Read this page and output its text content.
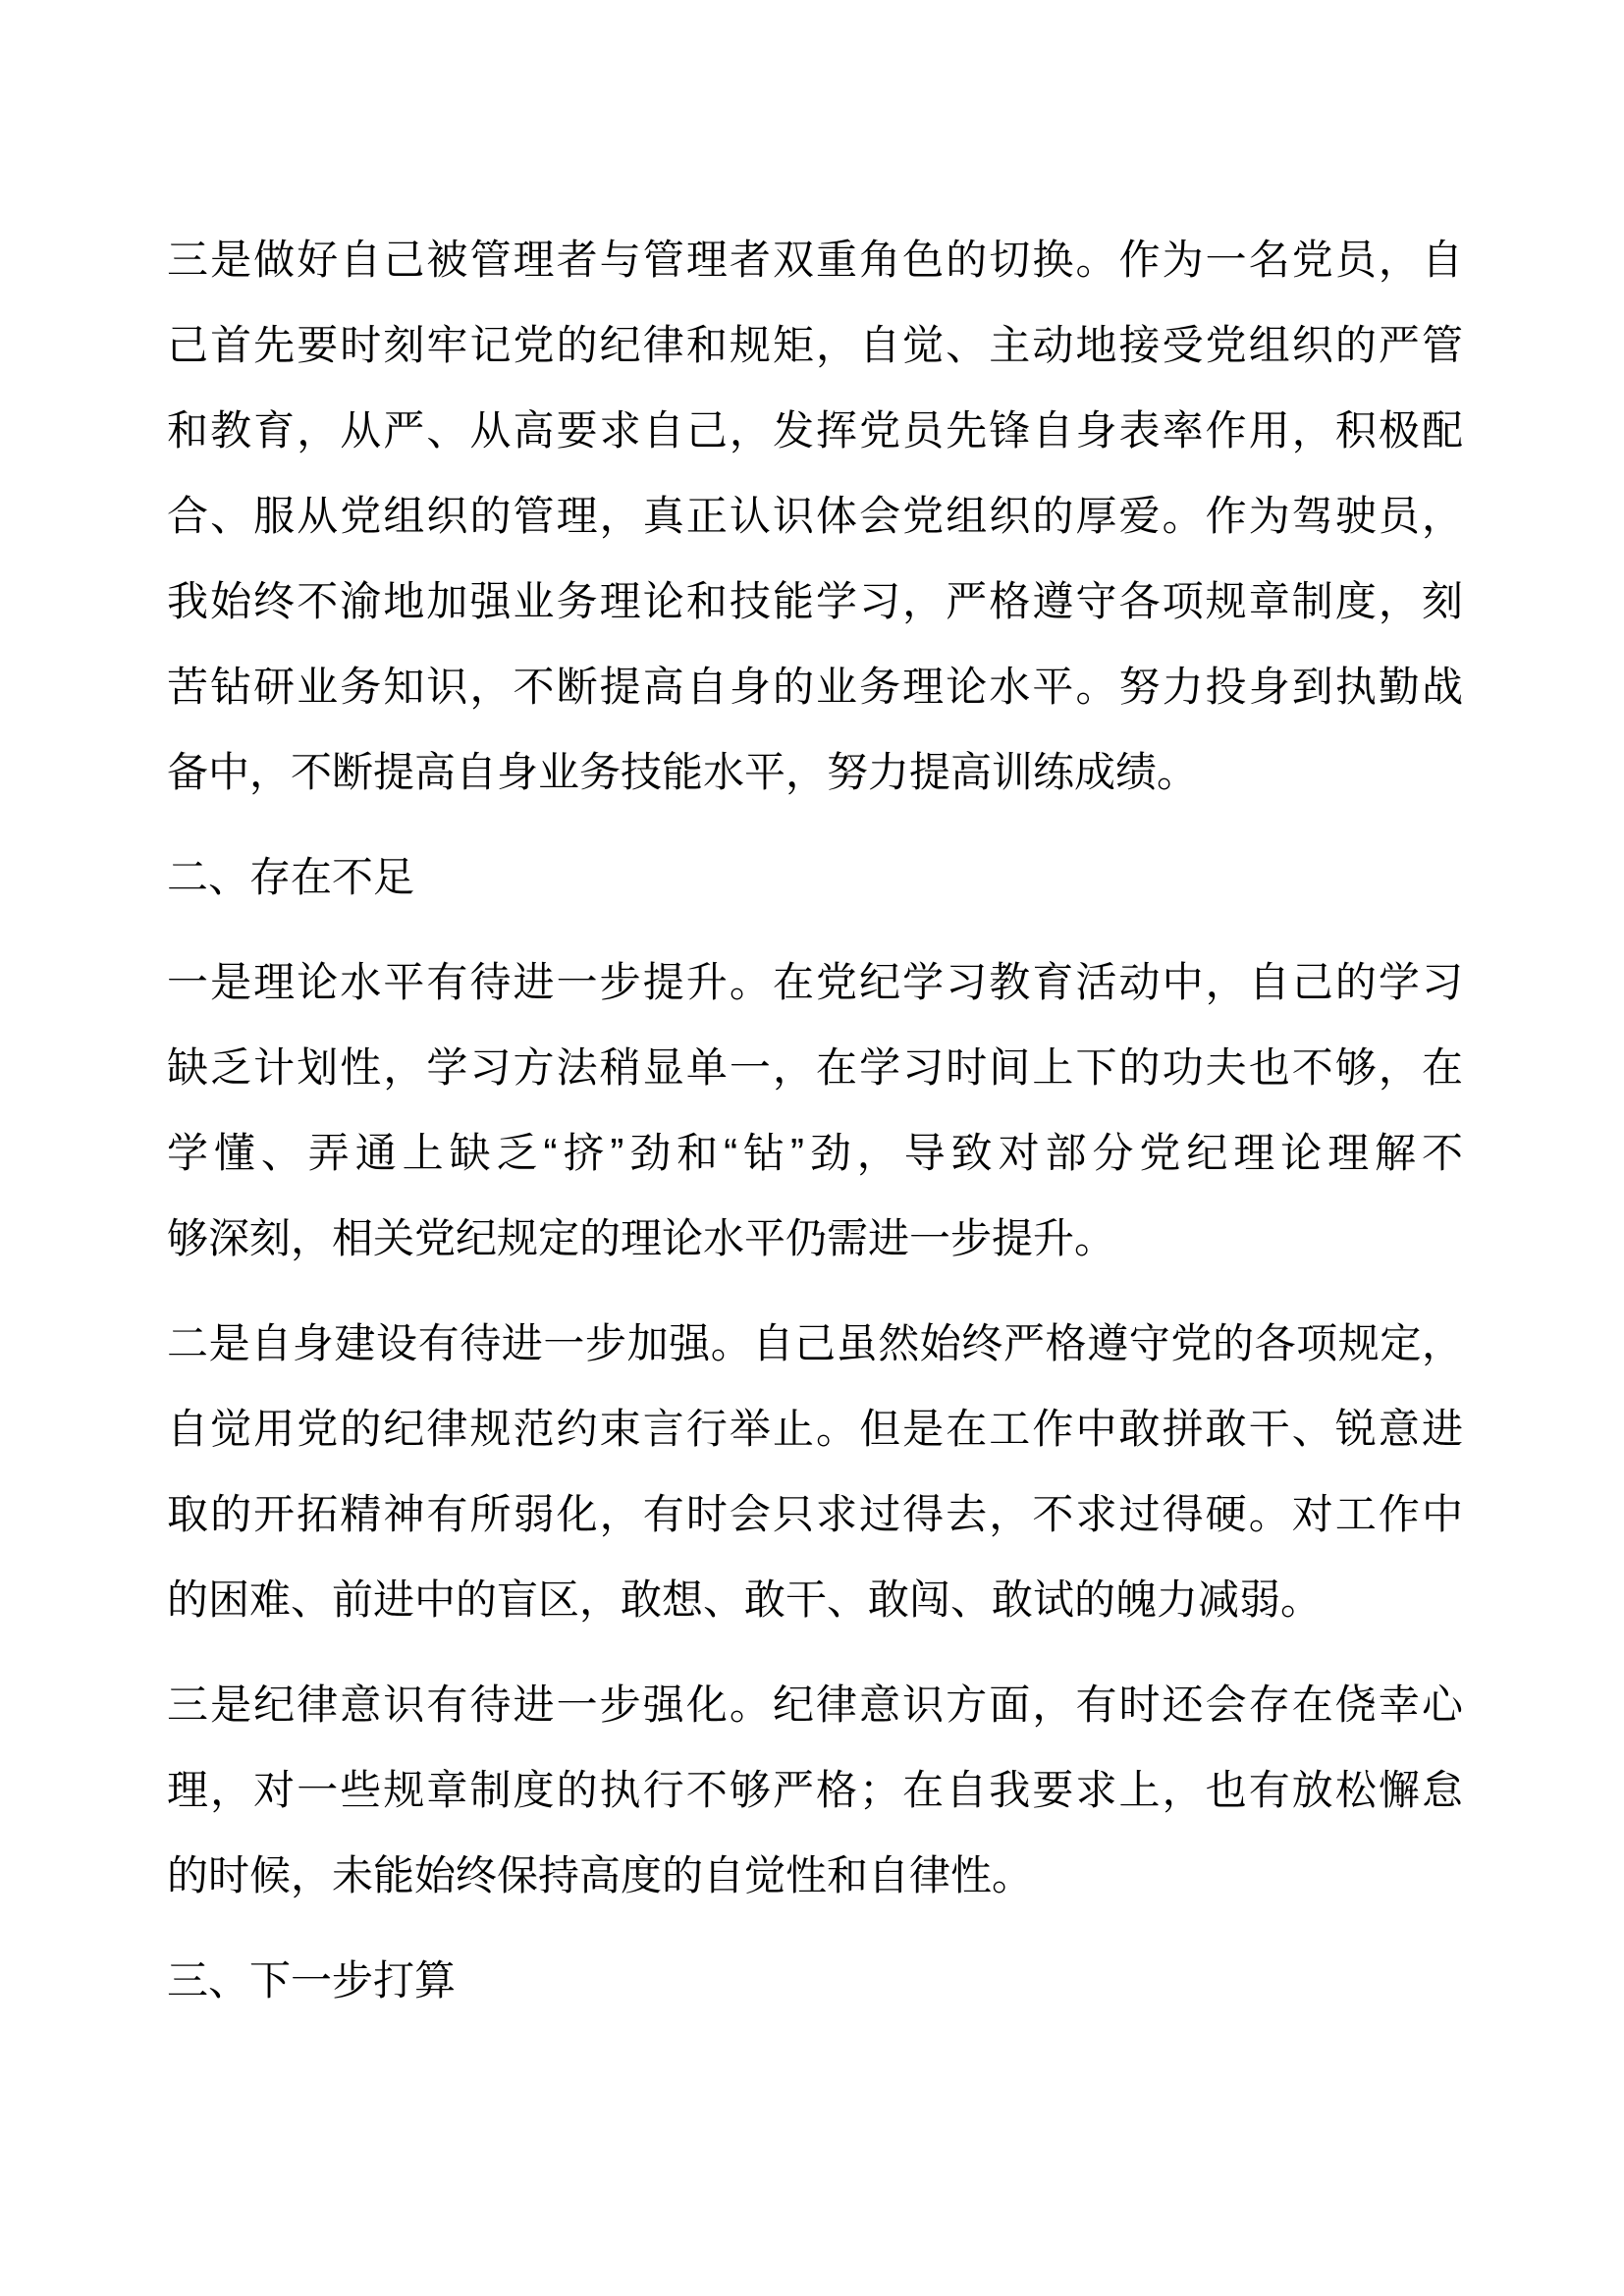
三是做好自己被管理者与管理者双重角色的切换。作为一名党员，自
己首先要时刻牢记党的纪律和规矩，自觉、主动地接受党组织的严管
和教育，从严、从高要求自己，发挥党员先锋自身表率作用，积极配
合、服从党组织的管理，真正认识体会党组织的厚爱。作为驾驶员，
我始终不渝地加强业务理论和技能学习，严格遵守各项规章制度，刻
苦钻研业务知识，不断提高自身的业务理论水平。努力投身到执勤战
备中，不断提高自身业务技能水平，努力提高训练成绩。
二、存在不足
一是理论水平有待进一步提升。在党纪学习教育活动中，自己的学习
缺乏计划性，学习方法稍显单一，在学习时间上下的功夫也不够，在
学懂、弄通上缺乏“挤”劲和“钻”劲，导致对部分党纪理论理解不
够深刻，相关党纪规定的理论水平仍需进一步提升。
二是自身建设有待进一步加强。自己虽然始终严格遵守党的各项规定，
自觉用党的纪律规范约束言行举止。但是在工作中敢拼敢干、锐意进
取的开拓精神有所弱化，有时会只求过得去，不求过得硬。对工作中
的困难、前进中的盲区，敢想、敢干、敢闯、敢试的魄力减弱。
三是纪律意识有待进一步强化。纪律意识方面，有时还会存在侥幸心
理，对一些规章制度的执行不够严格；在自我要求上，也有放松懈怠
的时候，未能始终保持高度的自觉性和自律性。
三、下一步打算
